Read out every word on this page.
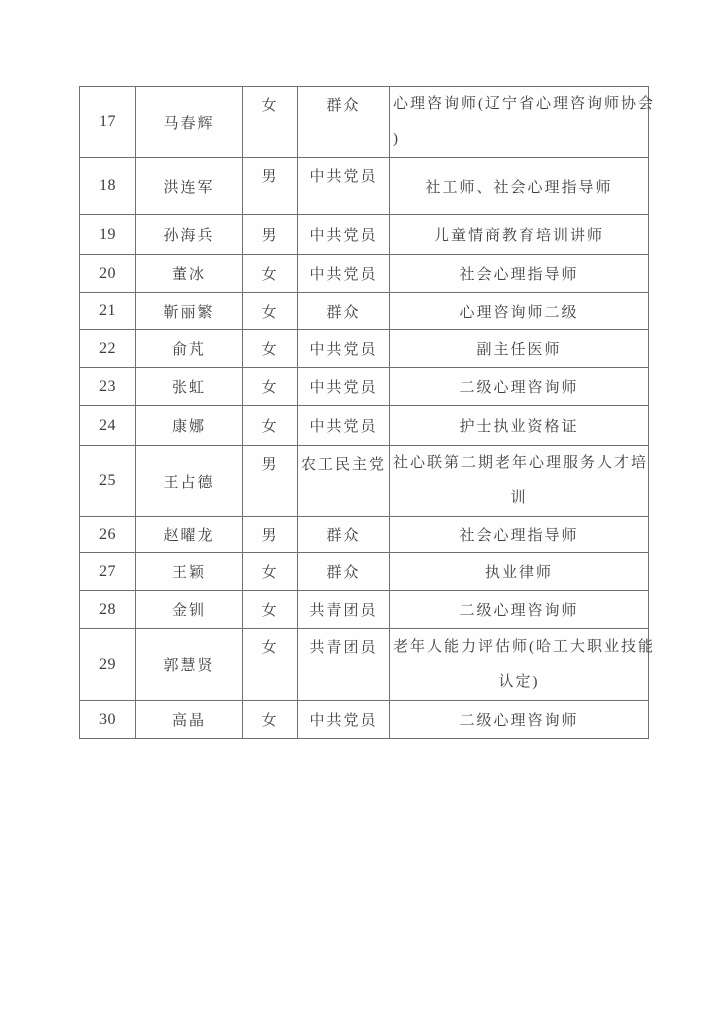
17	马春辉	女	群众	心理咨询师(辽宁省心理咨询师协会
)

18	洪连军	男	中共党员	社工师、社会心理指导师

19	孙海兵	男	中共党员	儿童情商教育培训讲师

20	董冰	女	中共党员	社会心理指导师

21	靳丽繁	女	群众	心理咨询师二级

22	俞芃	女	中共党员	副主任医师

23	张虹	女	中共党员	二级心理咨询师

24	康娜	女	中共党员	护士执业资格证

25	王占德	男	农工民主党	社心联第二期老年心理服务人才培
训

26	赵曜龙	男	群众	社会心理指导师

27	王颖	女	群众	执业律师

28	金钏	女	共青团员	二级心理咨询师

29	郭慧贤	女	共青团员	老年人能力评估师(哈工大职业技能
认定)

30	高晶	女	中共党员	二级心理咨询师
